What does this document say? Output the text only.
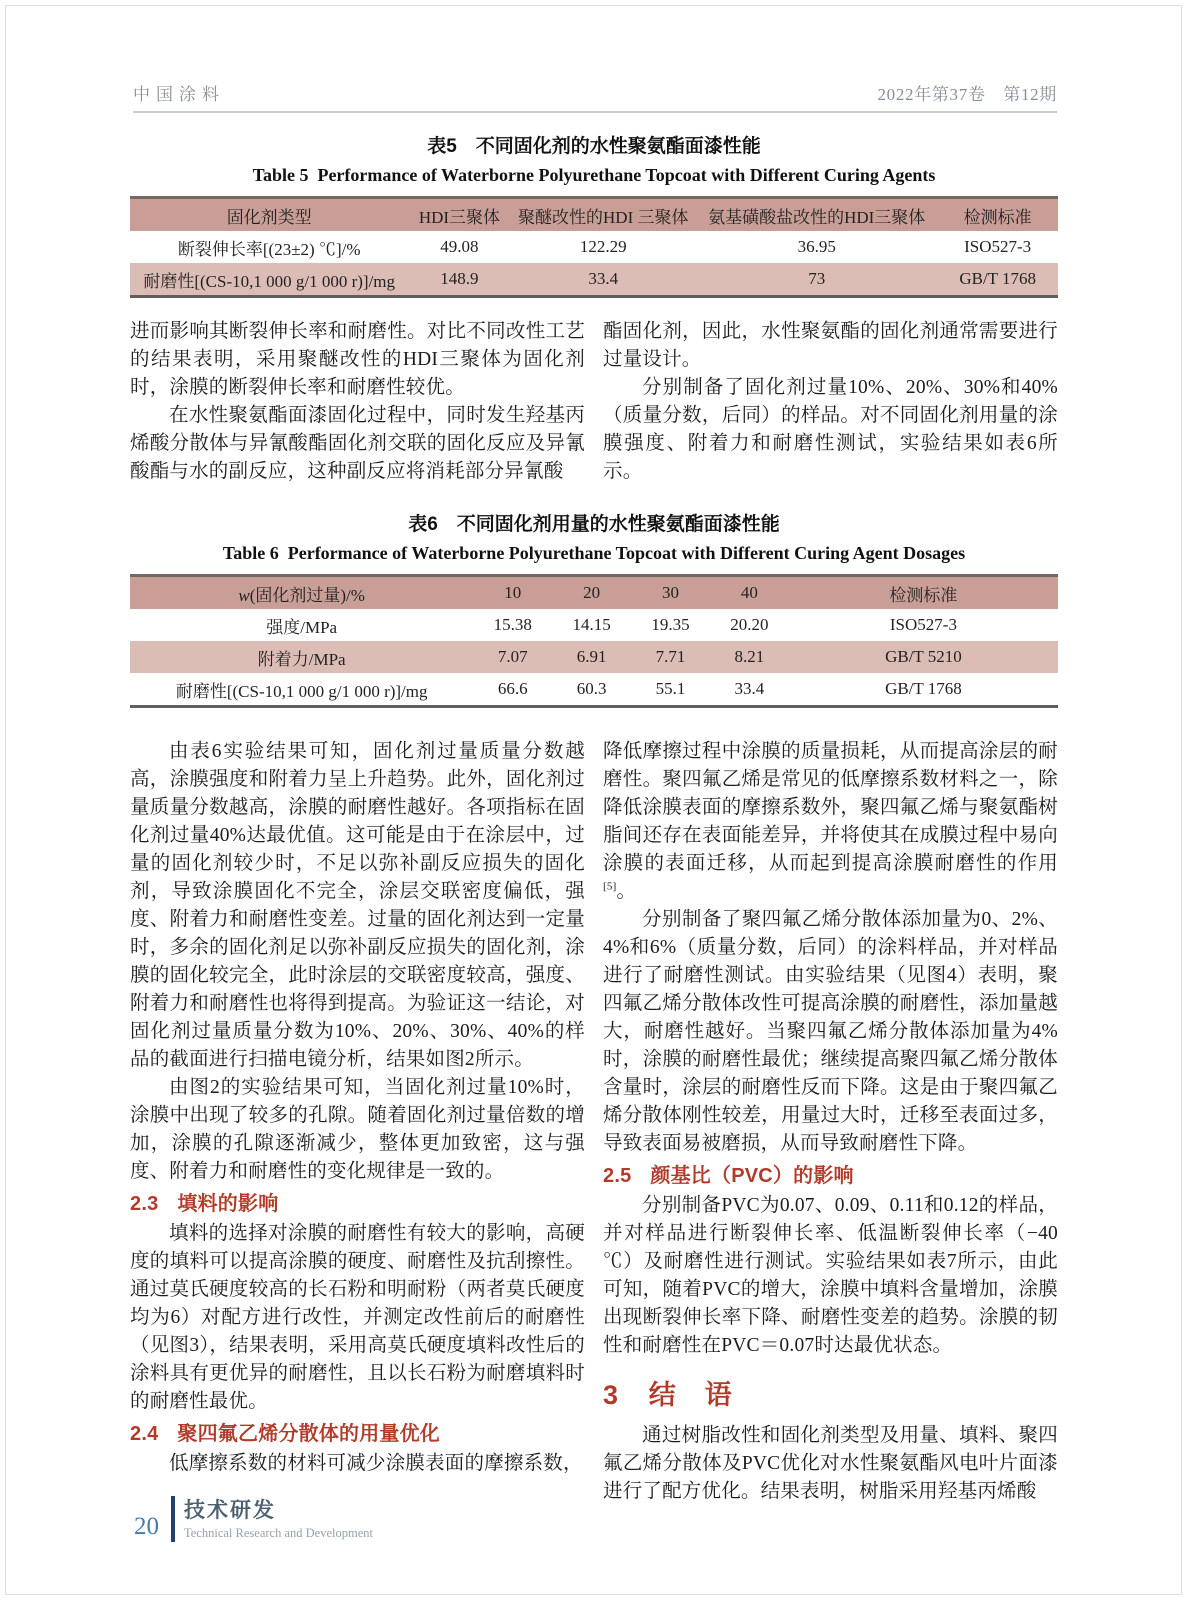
中国涂料	2022年第37卷　第12期
表5　不同固化剂的水性聚氨酯面漆性能
Table 5  Performance of Waterborne Polyurethane Topcoat with Different Curing Agents
固化剂类型	HDI三聚体	聚醚改性的HDI 三聚体	氨基磺酸盐改性的HDI三聚体	检测标准
断裂伸长率[(23±2) ℃]/%	49.08	122.29	36.95	ISO527-3
耐磨性[(CS-10,1 000 g/1 000 r)]/mg	148.9	33.4	73	GB/T 1768

进而影响其断裂伸长率和耐磨性。对比不同改性工艺的结果表明，采用聚醚改性的HDI三聚体为固化剂时，涂膜的断裂伸长率和耐磨性较优。

在水性聚氨酯面漆固化过程中，同时发生羟基丙烯酸分散体与异氰酸酯固化剂交联的固化反应及异氰酸酯与水的副反应，这种副反应将消耗部分异氰酸

酯固化剂，因此，水性聚氨酯的固化剂通常需要进行过量设计。

分别制备了固化剂过量10%、20%、30%和40%（质量分数，后同）的样品。对不同固化剂用量的涂膜强度、附着力和耐磨性测试，实验结果如表6所示。

表6　不同固化剂用量的水性聚氨酯面漆性能
Table 6  Performance of Waterborne Polyurethane Topcoat with Different Curing Agent Dosages
w(固化剂过量)/%	10	20	30	40	检测标准
强度/MPa	15.38	14.15	19.35	20.20	ISO527-3
附着力/MPa	7.07	6.91	7.71	8.21	GB/T 5210
耐磨性[(CS-10,1 000 g/1 000 r)]/mg	66.6	60.3	55.1	33.4	GB/T 1768

由表6实验结果可知，固化剂过量质量分数越高，涂膜强度和附着力呈上升趋势。此外，固化剂过量质量分数越高，涂膜的耐磨性越好。各项指标在固化剂过量40%达最优值。这可能是由于在涂层中，过量的固化剂较少时，不足以弥补副反应损失的固化剂，导致涂膜固化不完全，涂层交联密度偏低，强度、附着力和耐磨性变差。过量的固化剂达到一定量时，多余的固化剂足以弥补副反应损失的固化剂，涂膜的固化较完全，此时涂层的交联密度较高，强度、附着力和耐磨性也将得到提高。为验证这一结论，对固化剂过量质量分数为10%、20%、30%、40%的样品的截面进行扫描电镜分析，结果如图2所示。

由图2的实验结果可知，当固化剂过量10%时，涂膜中出现了较多的孔隙。随着固化剂过量倍数的增加，涂膜的孔隙逐渐减少，整体更加致密，这与强度、附着力和耐磨性的变化规律是一致的。

2.3 填料的影响

填料的选择对涂膜的耐磨性有较大的影响，高硬度的填料可以提高涂膜的硬度、耐磨性及抗刮擦性。通过莫氏硬度较高的长石粉和明耐粉（两者莫氏硬度均为6）对配方进行改性，并测定改性前后的耐磨性（见图3），结果表明，采用高莫氏硬度填料改性后的涂料具有更优异的耐磨性，且以长石粉为耐磨填料时的耐磨性最优。

2.4 聚四氟乙烯分散体的用量优化

低摩擦系数的材料可减少涂膜表面的摩擦系数，

降低摩擦过程中涂膜的质量损耗，从而提高涂层的耐磨性。聚四氟乙烯是常见的低摩擦系数材料之一，除降低涂膜表面的摩擦系数外，聚四氟乙烯与聚氨酯树脂间还存在表面能差异，并将使其在成膜过程中易向涂膜的表面迁移，从而起到提高涂膜耐磨性的作用[5]。

分别制备了聚四氟乙烯分散体添加量为0、2%、4%和6%（质量分数，后同）的涂料样品，并对样品进行了耐磨性测试。由实验结果（见图4）表明，聚四氟乙烯分散体改性可提高涂膜的耐磨性，添加量越大，耐磨性越好。当聚四氟乙烯分散体添加量为4%时，涂膜的耐磨性最优；继续提高聚四氟乙烯分散体含量时，涂层的耐磨性反而下降。这是由于聚四氟乙烯分散体刚性较差，用量过大时，迁移至表面过多，导致表面易被磨损，从而导致耐磨性下降。

2.5 颜基比（PVC）的影响

分别制备PVC为0.07、0.09、0.11和0.12的样品，并对样品进行断裂伸长率、低温断裂伸长率（−40 ℃）及耐磨性进行测试。实验结果如表7所示，由此可知，随着PVC的增大，涂膜中填料含量增加，涂膜出现断裂伸长率下降、耐磨性变差的趋势。涂膜的韧性和耐磨性在PVC＝0.07时达最优状态。

3 结　语

通过树脂改性和固化剂类型及用量、填料、聚四氟乙烯分散体及PVC优化对水性聚氨酯风电叶片面漆进行了配方优化。结果表明，树脂采用羟基丙烯酸

20
技术研发
Technical Research and Development
